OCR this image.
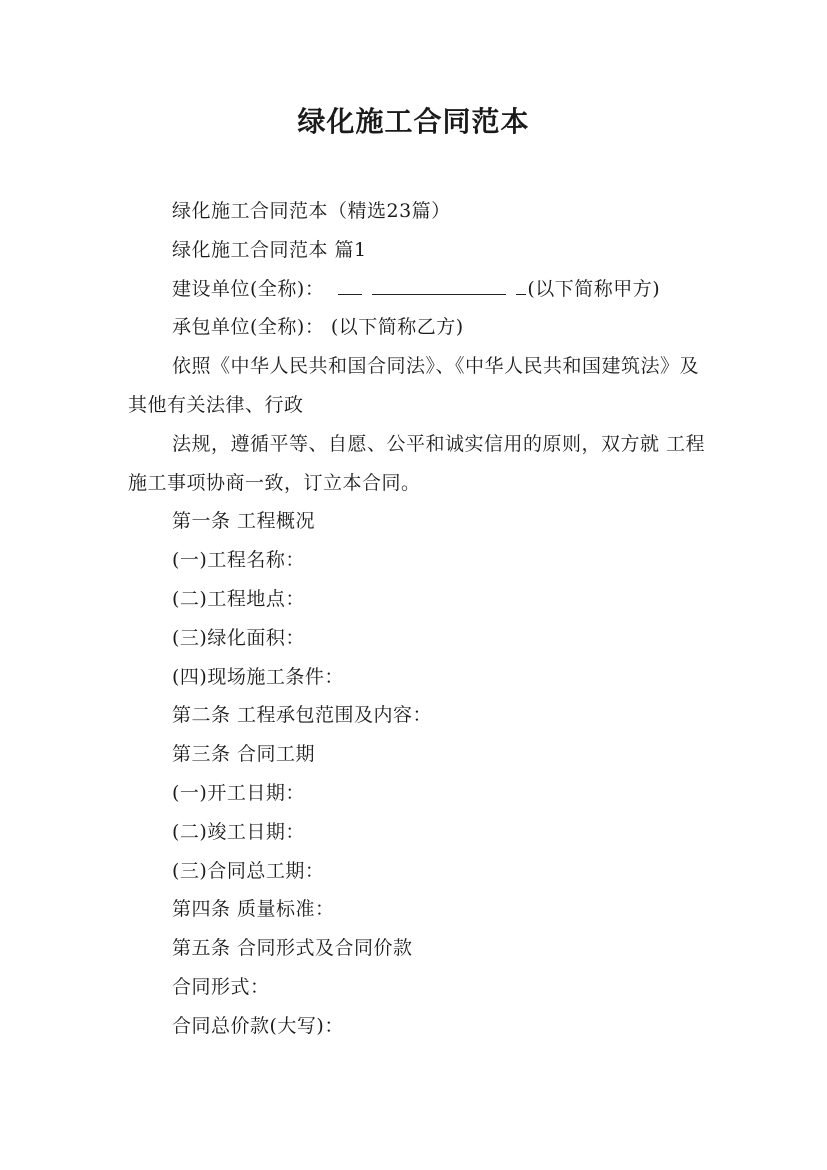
绿化施工合同范本

绿化施工合同范本（精选23篇）

绿化施工合同范本 篇1

建设单位(全称)：	(以下简称甲方)

承包单位(全称)： (以下简称乙方)

依照《中华人民共和国合同法》、《中华人民共和国建筑法》及其他有关法律、行政

法规，遵循平等、自愿、公平和诚实信用的原则，双方就 工程施工事项协商一致，订立本合同。

第一条 工程概况

(一)工程名称：

(二)工程地点：

(三)绿化面积：

(四)现场施工条件：

第二条 工程承包范围及内容：

第三条 合同工期

(一)开工日期：

(二)竣工日期：

(三)合同总工期：

第四条 质量标准：

第五条 合同形式及合同价款

合同形式：

合同总价款(大写)：
